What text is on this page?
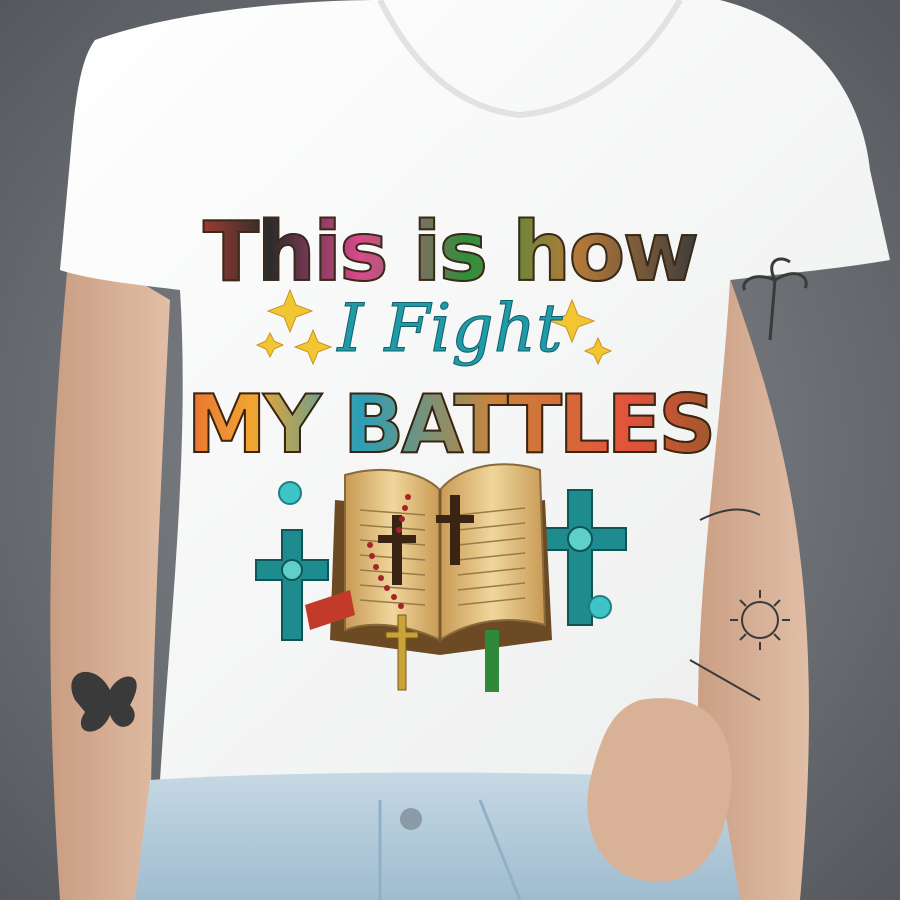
This is how
I Fight
MY BATTLES
